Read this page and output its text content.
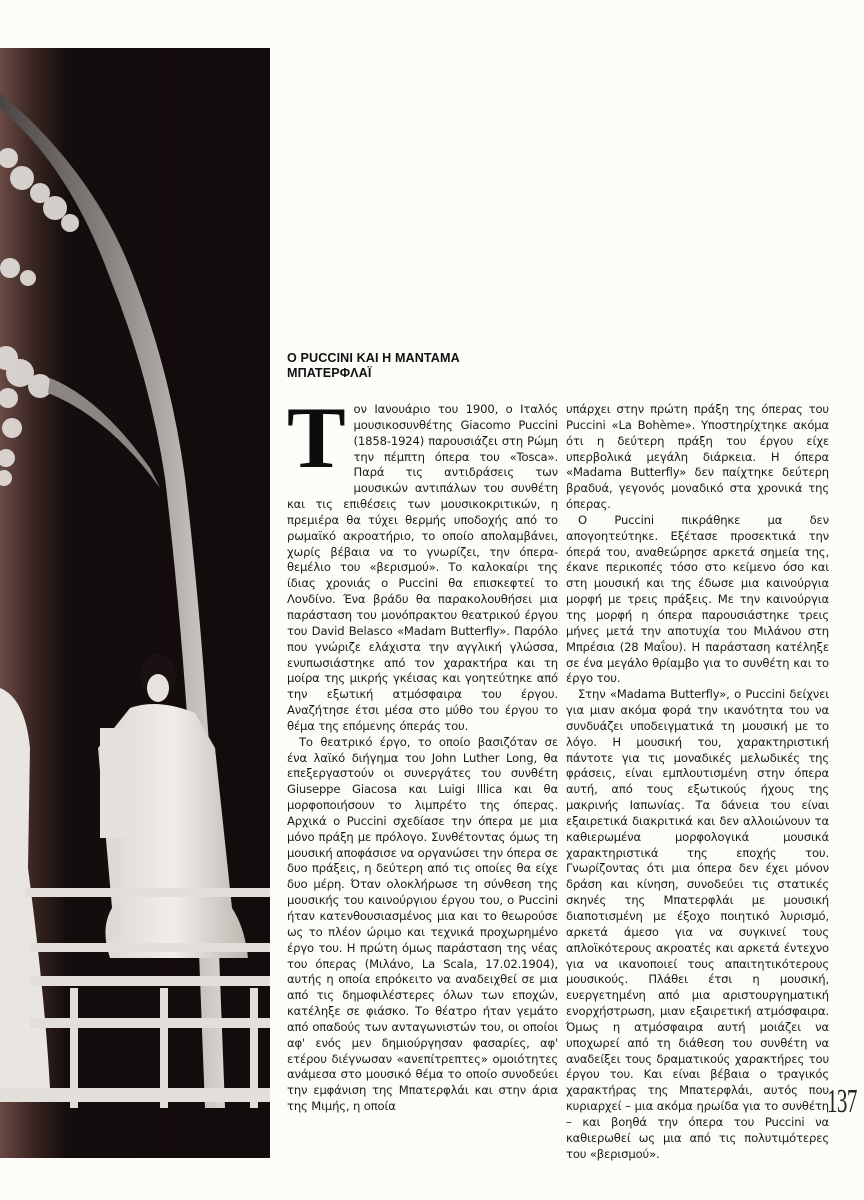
Ο PUCCINI ΚΑΙ Η ΜΑΝΤΑΜΑ
ΜΠΑΤΕΡΦΛΑΪ

Τον Ιανουάριο του 1900, ο Ιταλός μουσικοσυνθέτης Giacomo Puccini (1858-1924) παρουσιάζει στη Ρώμη την πέμπτη όπερα του «Tosca». Παρά τις αντιδράσεις των μουσικών αντιπάλων του συνθέτη και τις επιθέσεις των μουσικοκριτικών, η πρεμιέρα θα τύχει θερμής υποδοχής από το ρωμαϊκό ακροατήριο, το οποίο απολαμβάνει, χωρίς βέβαια να το γνωρίζει, την όπερα-θεμέλιο του «βερισμού». Το καλοκαίρι της ίδιας χρονιάς ο Puccini θα επισκεφτεί το Λονδίνο. Ένα βράδυ θα παρακολουθήσει μια παράσταση του μονόπρακτου θεατρικού έργου του David Belasco «Madam Butterfly». Παρόλο που γνώριζε ελάχιστα την αγγλική γλώσσα, ενυπωσιάστηκε από τον χαρακτήρα και τη μοίρα της μικρής γκέισας και γοητεύτηκε από την εξωτική ατμόσφαιρα του έργου. Αναζήτησε έτσι μέσα στο μύθο του έργου το θέμα της επόμενης όπεράς του.

Το θεατρικό έργο, το οποίο βασιζόταν σε ένα λαϊκό διήγημα του John Luther Long, θα επεξεργαστούν οι συνεργάτες του συνθέτη Giuseppe Giacosa και Luigi Illica και θα μορφοποιήσουν το λιμπρέτο της όπερας. Αρχικά ο Puccini σχεδίασε την όπερα με μια μόνο πράξη με πρόλογο. Συνθέτοντας όμως τη μουσική αποφάσισε να οργανώσει την όπερα σε δυο πράξεις, η δεύτερη από τις οποίες θα είχε δυο μέρη. Όταν ολοκλήρωσε τη σύνθεση της μουσικής του καινούργιου έργου του, ο Puccini ήταν κατενθουσιασμένος μια και το θεωρούσε ως το πλέον ώριμο και τεχνικά προχωρημένο έργο του. Η πρώτη όμως παράσταση της νέας του όπερας (Μιλάνο, La Scala, 17.02.1904), αυτής η οποία επρόκειτο να αναδειχθεί σε μια από τις δημοφιλέστερες όλων των εποχών, κατέληξε σε φιάσκο. Το θέατρο ήταν γεμάτο από οπαδούς των ανταγωνιστών του, οι οποίοι αφ' ενός μεν δημιούργησαν φασαρίες, αφ' ετέρου διέγνωσαν «ανεπίτρεπτες» ομοιότητες ανάμεσα στο μουσικό θέμα το οποίο συνοδεύει την εμφάνιση της Μπατερφλάι και στην άρια της Μιμής, η οποία

υπάρχει στην πρώτη πράξη της όπερας του Puccini «La Bohème». Υποστηρίχτηκε ακόμα ότι η δεύτερη πράξη του έργου είχε υπερβολικά μεγάλη διάρκεια. Η όπερα «Madama Butterfly» δεν παίχτηκε δεύτερη βραδυά, γεγονός μοναδικό στα χρονικά της όπερας.

Ο Puccini πικράθηκε μα δεν απογοητεύτηκε. Εξέτασε προσεκτικά την όπερά του, αναθεώρησε αρκετά σημεία της, έκανε περικοπές τόσο στο κείμενο όσο και στη μουσική και της έδωσε μια καινούργια μορφή με τρεις πράξεις. Με την καινούργια της μορφή η όπερα παρουσιάστηκε τρεις μήνες μετά την αποτυχία του Μιλάνου στη Μπρέσια (28 Μαΐου). Η παράσταση κατέληξε σε ένα μεγάλο θρίαμβο για το συνθέτη και το έργο του.

Στην «Madama Butterfly», ο Puccini δείχνει για μιαν ακόμα φορά την ικανότητα του να συνδυάζει υποδειγματικά τη μουσική με το λόγο. Η μουσική του, χαρακτηριστική πάντοτε για τις μοναδικές μελωδικές της φράσεις, είναι εμπλουτισμένη στην όπερα αυτή, από τους εξωτικούς ήχους της μακρινής Ιαπωνίας. Τα δάνεια του είναι εξαιρετικά διακριτικά και δεν αλλοιώνουν τα καθιερωμένα μορφολογικά μουσικά χαρακτηριστικά της εποχής του. Γνωρίζοντας ότι μια όπερα δεν έχει μόνον δράση και κίνηση, συνοδεύει τις στατικές σκηνές της Μπατερφλάι με μουσική διαποτισμένη με έξοχο ποιητικό λυρισμό, αρκετά άμεσο για να συγκινεί τους απλοϊκότερους ακροατές και αρκετά έντεχνο για να ικανοποιεί τους απαιτητικότερους μουσικούς. Πλάθει έτσι η μουσική, ευεργετημένη από μια αριστουργηματική ενορχήστρωση, μιαν εξαιρετική ατμόσφαιρα. Όμως η ατμόσφαιρα αυτή μοιάζει να υποχωρεί από τη διάθεση του συνθέτη να αναδείξει τους δραματικούς χαρακτήρες του έργου του. Και είναι βέβαια ο τραγικός χαρακτήρας της Μπατερφλάι, αυτός που κυριαρχεί – μια ακόμα ηρωίδα για το συνθέτη – και βοηθά την όπερα του Puccini να καθιερωθεί ως μια από τις πολυτιμότερες του «βερισμού».

137
